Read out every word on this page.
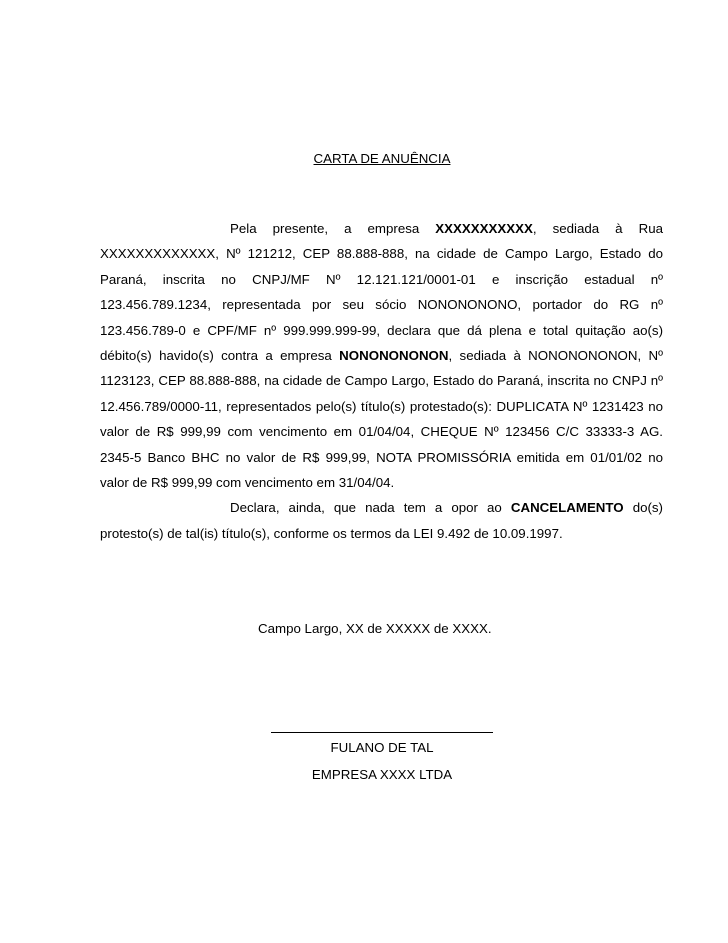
CARTA DE ANUÊNCIA

Pela presente, a empresa XXXXXXXXXXX, sediada à Rua XXXXXXXXXXXXX, Nº 121212, CEP 88.888-888, na cidade de Campo Largo, Estado do Paraná, inscrita no CNPJ/MF Nº 12.121.121/0001-01 e inscrição estadual nº 123.456.789.1234, representada por seu sócio NONONONONO, portador do RG nº 123.456.789-0 e CPF/MF nº 999.999.999-99, declara que dá plena e total quitação ao(s) débito(s) havido(s) contra a empresa NONONONONON, sediada à NONONONONON, Nº 1123123, CEP 88.888-888, na cidade de Campo Largo, Estado do Paraná, inscrita no CNPJ nº 12.456.789/0000-11, representados pelo(s) título(s) protestado(s): DUPLICATA Nº 1231423 no valor de R$ 999,99 com vencimento em 01/04/04, CHEQUE Nº 123456 C/C 33333-3 AG. 2345-5 Banco BHC no valor de R$ 999,99, NOTA PROMISSÓRIA emitida em 01/01/02 no valor de R$ 999,99 com vencimento em 31/04/04.

Declara, ainda, que nada tem a opor ao CANCELAMENTO do(s) protesto(s) de tal(is) título(s), conforme os termos da LEI 9.492 de 10.09.1997.

Campo Largo, XX de XXXXX de XXXX.
FULANO DE TAL
EMPRESA XXXX LTDA
